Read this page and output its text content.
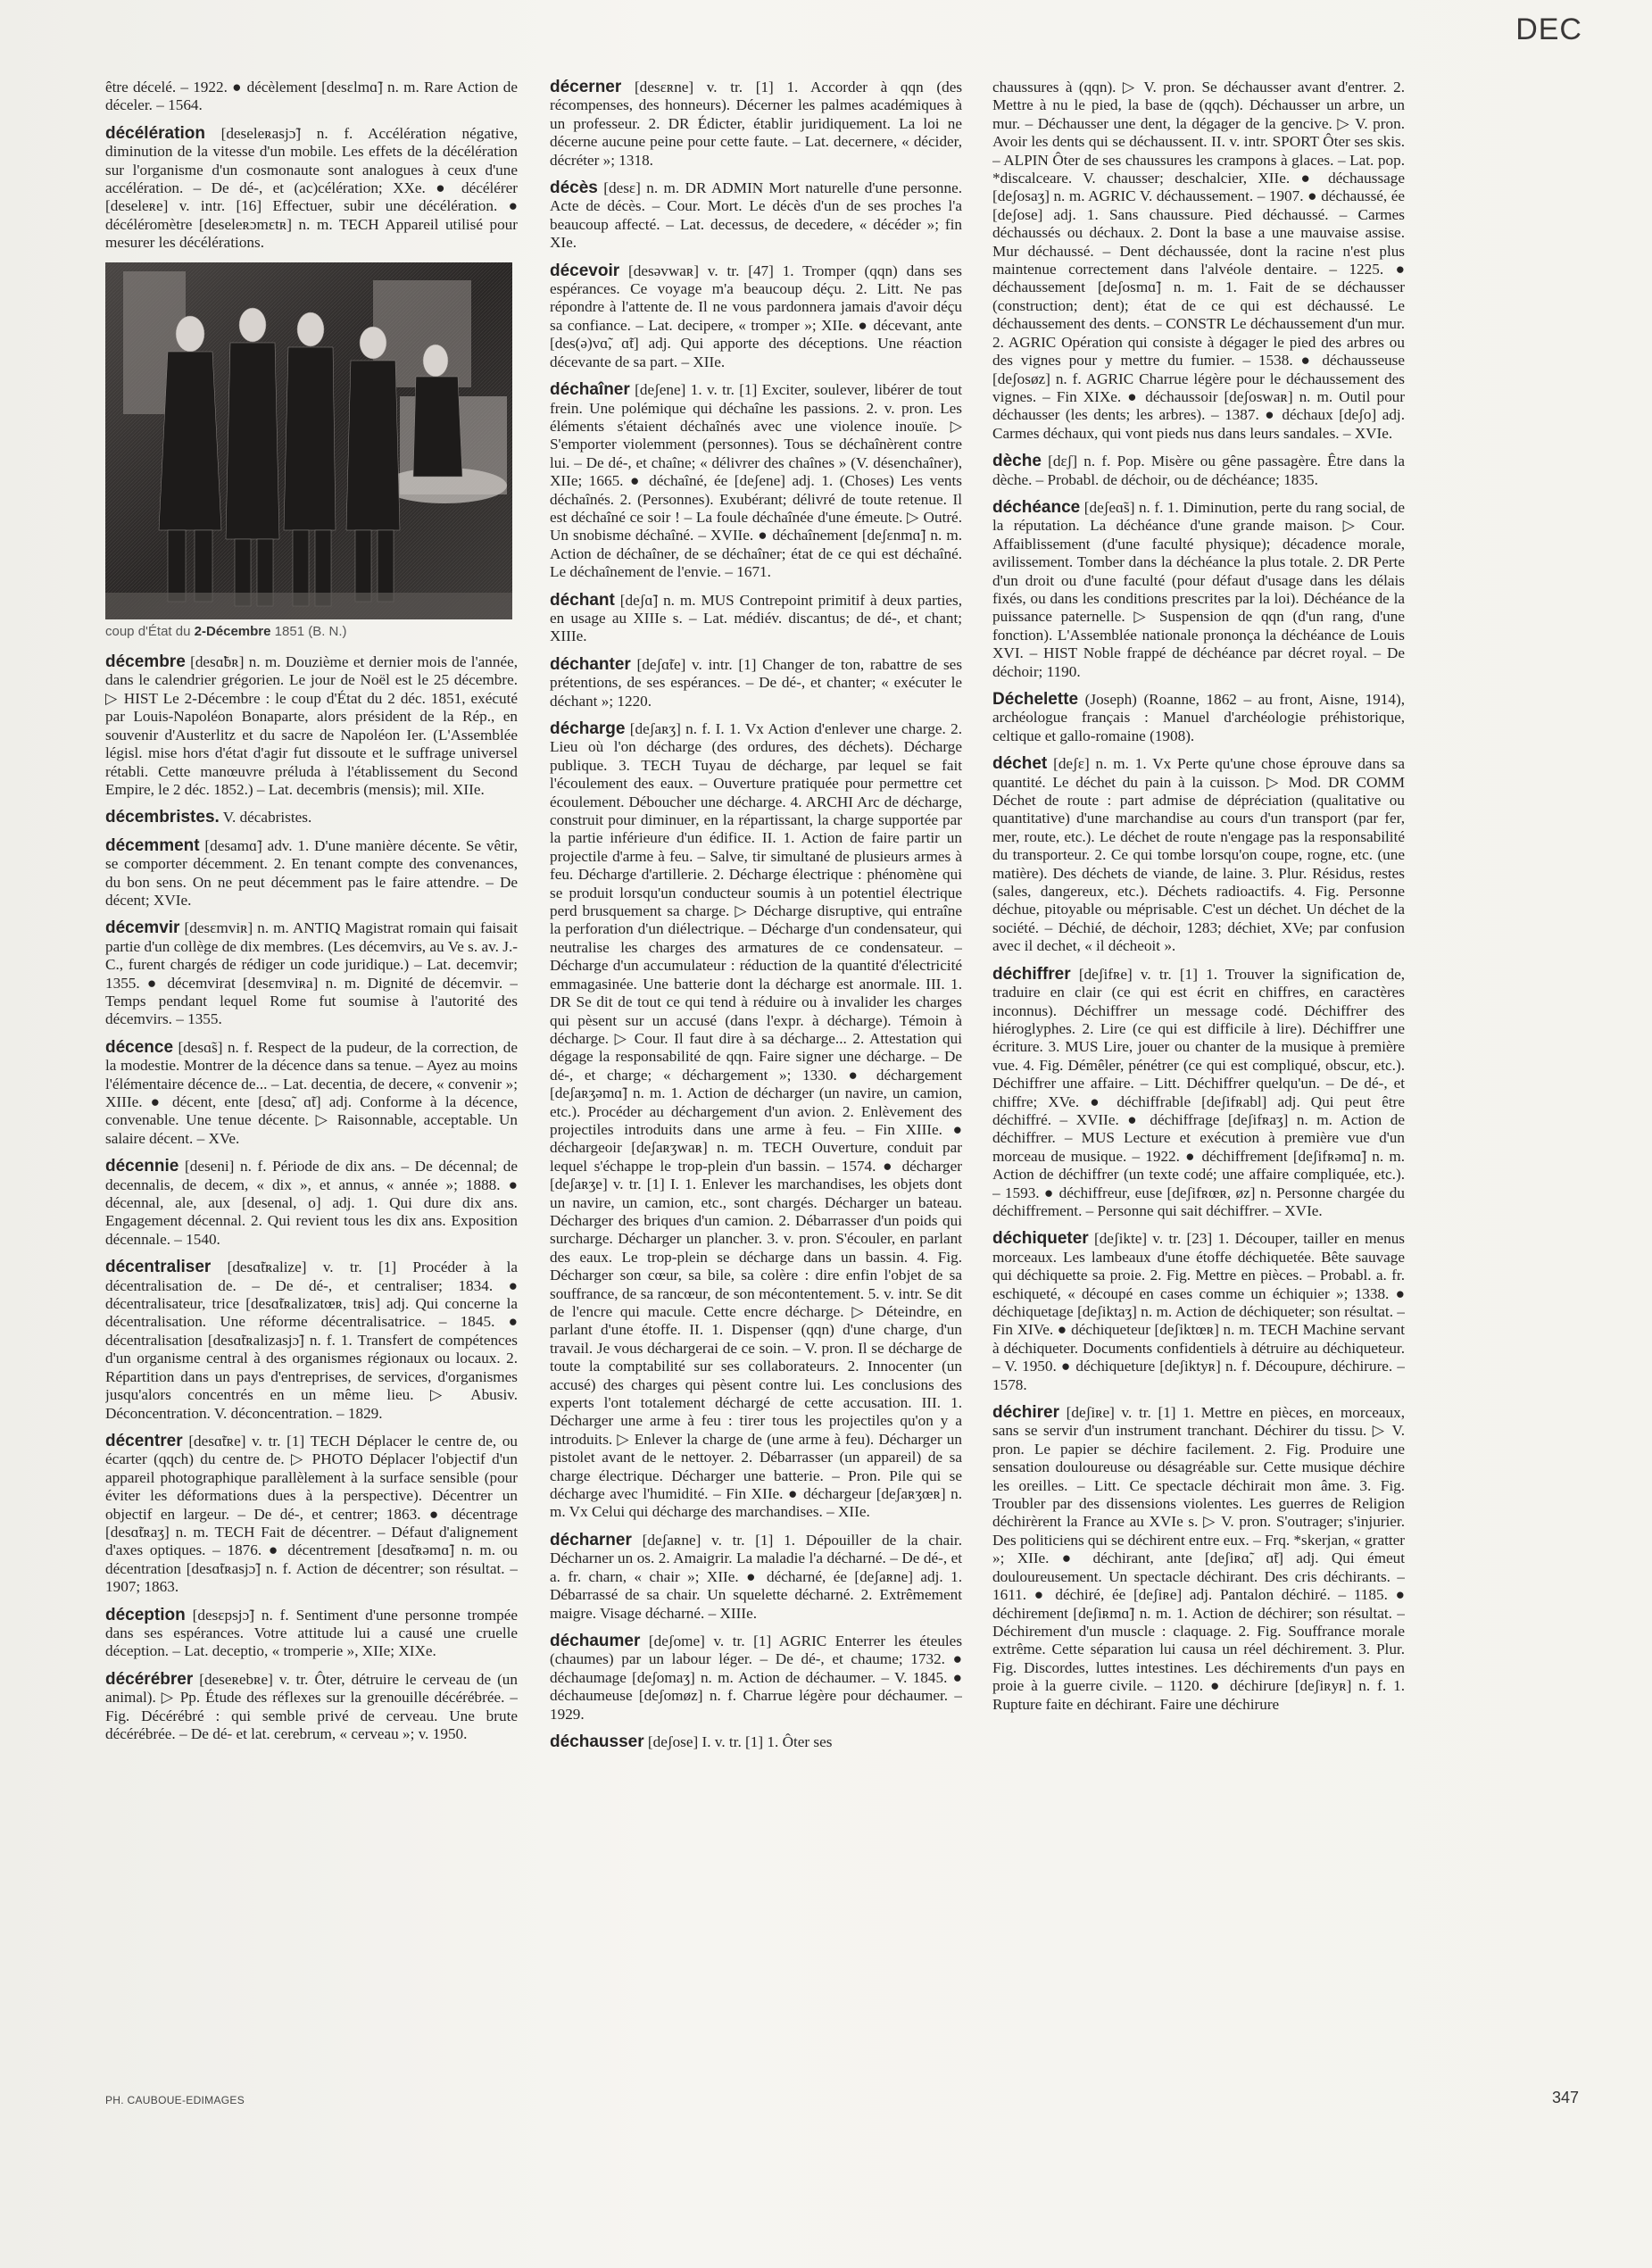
DEC

être décelé. – 1922. ● décèlement [desɛlmɑ̃] n. m. Rare Action de déceler. – 1564.

décélération [deseleʀasjɔ̃] n. f. Accélération négative, diminution de la vitesse d'un mobile. Les effets de la décélération sur l'organisme d'un cosmonaute sont analogues à ceux d'une accélération. – De dé-, et (ac)célération; XXe. ● décélérer [deseleʀe] v. intr. [16] Effectuer, subir une décélération. ● décéléromètre [deseleʀɔmɛtʀ] n. m. TECH Appareil utilisé pour mesurer les décélérations.

coup d'État du 2-Décembre 1851 (B. N.)

décembre [desɑ̃bʀ] n. m. Douzième et dernier mois de l'année, dans le calendrier grégorien. Le jour de Noël est le 25 décembre. ▷ HIST Le 2-Décembre : le coup d'État du 2 déc. 1851, exécuté par Louis-Napoléon Bonaparte, alors président de la Rép., en souvenir d'Austerlitz et du sacre de Napoléon Ier. (L'Assemblée législ. mise hors d'état d'agir fut dissoute et le suffrage universel rétabli. Cette manœuvre préluda à l'établissement du Second Empire, le 2 déc. 1852.) – Lat. decembris (mensis); mil. XIIe.

décembristes. V. décabristes.

décemment [desamɑ̃] adv. 1. D'une manière décente. Se vêtir, se comporter décemment. 2. En tenant compte des convenances, du bon sens. On ne peut décemment pas le faire attendre. – De décent; XVIe.

décemvir [desɛmviʀ] n. m. ANTIQ Magistrat romain qui faisait partie d'un collège de dix membres. (Les décemvirs, au Ve s. av. J.-C., furent chargés de rédiger un code juridique.) – Lat. decemvir; 1355. ● décemvirat [desɛmviʀa] n. m. Dignité de décemvir. – Temps pendant lequel Rome fut soumise à l'autorité des décemvirs. – 1355.

décence [desɑ̃s] n. f. Respect de la pudeur, de la correction, de la modestie. Montrer de la décence dans sa tenue. – Ayez au moins l'élémentaire décence de... – Lat. decentia, de decere, « convenir »; XIIIe. ● décent, ente [desɑ̃, ɑ̃t] adj. Conforme à la décence, convenable. Une tenue décente. ▷ Raisonnable, acceptable. Un salaire décent. – XVe.

décennie [deseni] n. f. Période de dix ans. – De décennal; de decennalis, de decem, « dix », et annus, « année »; 1888. ● décennal, ale, aux [desenal, o] adj. 1. Qui dure dix ans. Engagement décennal. 2. Qui revient tous les dix ans. Exposition décennale. – 1540.

décentraliser [desɑ̃tʀalize] v. tr. [1] Procéder à la décentralisation de. – De dé-, et centraliser; 1834. ● décentralisateur, trice [desɑ̃tʀalizatœʀ, tʀis] adj. Qui concerne la décentralisation. Une réforme décentralisatrice. – 1845. ● décentralisation [desɑ̃tʀalizasjɔ̃] n. f. 1. Transfert de compétences d'un organisme central à des organismes régionaux ou locaux. 2. Répartition dans un pays d'entreprises, de services, d'organismes jusqu'alors concentrés en un même lieu. ▷ Abusiv. Déconcentration. V. déconcentration. – 1829.

décentrer [desɑ̃tʀe] v. tr. [1] TECH Déplacer le centre de, ou écarter (qqch) du centre de. ▷ PHOTO Déplacer l'objectif d'un appareil photographique parallèlement à la surface sensible (pour éviter les déformations dues à la perspective). Décentrer un objectif en largeur. – De dé-, et centrer; 1863. ● décentrage [desɑ̃tʀaʒ] n. m. TECH Fait de décentrer. – Défaut d'alignement d'axes optiques. – 1876. ● décentrement [desɑ̃tʀəmɑ̃] n. m. ou décentration [desɑ̃tʀasjɔ̃] n. f. Action de décentrer; son résultat. – 1907; 1863.

déception [desɛpsjɔ̃] n. f. Sentiment d'une personne trompée dans ses espérances. Votre attitude lui a causé une cruelle déception. – Lat. deceptio, « tromperie », XIIe; XIXe.

décérébrer [deseʀebʀe] v. tr. Ôter, détruire le cerveau de (un animal). ▷ Pp. Étude des réflexes sur la grenouille décérébrée. – Fig. Décérébré : qui semble privé de cerveau. Une brute décérébrée. – De dé- et lat. cerebrum, « cerveau »; v. 1950.

décerner [desɛʀne] v. tr. [1] 1. Accorder à qqn (des récompenses, des honneurs). Décerner les palmes académiques à un professeur. 2. DR Édicter, établir juridiquement. La loi ne décerne aucune peine pour cette faute. – Lat. decernere, « décider, décréter »; 1318.

décès [desɛ] n. m. DR ADMIN Mort naturelle d'une personne. Acte de décès. – Cour. Mort. Le décès d'un de ses proches l'a beaucoup affecté. – Lat. decessus, de decedere, « décéder »; fin XIe.

décevoir [desəvwaʀ] v. tr. [47] 1. Tromper (qqn) dans ses espérances. Ce voyage m'a beaucoup déçu. 2. Litt. Ne pas répondre à l'attente de. Il ne vous pardonnera jamais d'avoir déçu sa confiance. – Lat. decipere, « tromper »; XIIe. ● décevant, ante [des(ə)vɑ̃, ɑ̃t] adj. Qui apporte des déceptions. Une réaction décevante de sa part. – XIIe.

déchaîner [deʃene] 1. v. tr. [1] Exciter, soulever, libérer de tout frein. Une polémique qui déchaîne les passions. 2. v. pron. Les éléments s'étaient déchaînés avec une violence inouïe. ▷ S'emporter violemment (personnes). Tous se déchaînèrent contre lui. – De dé-, et chaîne; « délivrer des chaînes » (V. désenchaîner), XIIe; 1665. ● déchaîné, ée [deʃene] adj. 1. (Choses) Les vents déchaînés. 2. (Personnes). Exubérant; délivré de toute retenue. Il est déchaîné ce soir ! – La foule déchaînée d'une émeute. ▷ Outré. Un snobisme déchaîné. – XVIIe. ● déchaînement [deʃɛnmɑ̃] n. m. Action de déchaîner, de se déchaîner; état de ce qui est déchaîné. Le déchaînement de l'envie. – 1671.

déchant [deʃɑ̃] n. m. MUS Contrepoint primitif à deux parties, en usage au XIIIe s. – Lat. médiév. discantus; de dé-, et chant; XIIIe.

déchanter [deʃɑ̃te] v. intr. [1] Changer de ton, rabattre de ses prétentions, de ses espérances. – De dé-, et chanter; « exécuter le déchant »; 1220.

décharge [deʃaʀʒ] n. f. I. 1. Vx Action d'enlever une charge. 2. Lieu où l'on décharge (des ordures, des déchets). Décharge publique. 3. TECH Tuyau de décharge, par lequel se fait l'écoulement des eaux. – Ouverture pratiquée pour permettre cet écoulement. Déboucher une décharge. 4. ARCHI Arc de décharge, construit pour diminuer, en la répartissant, la charge supportée par la partie inférieure d'un édifice. II. 1. Action de faire partir un projectile d'arme à feu. – Salve, tir simultané de plusieurs armes à feu. Décharge d'artillerie. 2. Décharge électrique : phénomène qui se produit lorsqu'un conducteur soumis à un potentiel électrique perd brusquement sa charge. ▷ Décharge disruptive, qui entraîne la perforation d'un diélectrique. – Décharge d'un condensateur, qui neutralise les charges des armatures de ce condensateur. – Décharge d'un accumulateur : réduction de la quantité d'électricité emmagasinée. Une batterie dont la décharge est anormale. III. 1. DR Se dit de tout ce qui tend à réduire ou à invalider les charges qui pèsent sur un accusé (dans l'expr. à décharge). Témoin à décharge. ▷ Cour. Il faut dire à sa décharge... 2. Attestation qui dégage la responsabilité de qqn. Faire signer une décharge. – De dé-, et charge; « déchargement »; 1330. ● déchargement [deʃaʀʒəmɑ̃] n. m. 1. Action de décharger (un navire, un camion, etc.). Procéder au déchargement d'un avion. 2. Enlèvement des projectiles introduits dans une arme à feu. – Fin XIIIe. ● déchargeoir [deʃaʀʒwaʀ] n. m. TECH Ouverture, conduit par lequel s'échappe le trop-plein d'un bassin. – 1574. ● décharger [deʃaʀʒe] v. tr. [1] I. 1. Enlever les marchandises, les objets dont un navire, un camion, etc., sont chargés. Décharger un bateau. Décharger des briques d'un camion. 2. Débarrasser d'un poids qui surcharge. Décharger un plancher. 3. v. pron. S'écouler, en parlant des eaux. Le trop-plein se décharge dans un bassin. 4. Fig. Décharger son cœur, sa bile, sa colère : dire enfin l'objet de sa souffrance, de sa rancœur, de son mécontentement. 5. v. intr. Se dit de l'encre qui macule. Cette encre décharge. ▷ Déteindre, en parlant d'une étoffe. II. 1. Dispenser (qqn) d'une charge, d'un travail. Je vous déchargerai de ce soin. – V. pron. Il se décharge de toute la comptabilité sur ses collaborateurs. 2. Innocenter (un accusé) des charges qui pèsent contre lui. Les conclusions des experts l'ont totalement déchargé de cette accusation. III. 1. Décharger une arme à feu : tirer tous les projectiles qu'on y a introduits. ▷ Enlever la charge de (une arme à feu). Décharger un pistolet avant de le nettoyer. 2. Débarrasser (un appareil) de sa charge électrique. Décharger une batterie. – Pron. Pile qui se décharge avec l'humidité. – Fin XIIe. ● déchargeur [deʃaʀʒœʀ] n. m. Vx Celui qui décharge des marchandises. – XIIe.

décharner [deʃaʀne] v. tr. [1] 1. Dépouiller de la chair. Décharner un os. 2. Amaigrir. La maladie l'a décharné. – De dé-, et a. fr. charn, « chair »; XIIe. ● décharné, ée [deʃaʀne] adj. 1. Débarrassé de sa chair. Un squelette décharné. 2. Extrêmement maigre. Visage décharné. – XIIIe.

déchaumer [deʃome] v. tr. [1] AGRIC Enterrer les éteules (chaumes) par un labour léger. – De dé-, et chaume; 1732. ● déchaumage [deʃomaʒ] n. m. Action de déchaumer. – V. 1845. ● déchaumeuse [deʃomøz] n. f. Charrue légère pour déchaumer. – 1929.

déchausser [deʃose] I. v. tr. [1] 1. Ôter ses

chaussures à (qqn). ▷ V. pron. Se déchausser avant d'entrer. 2. Mettre à nu le pied, la base de (qqch). Déchausser un arbre, un mur. – Déchausser une dent, la dégager de la gencive. ▷ V. pron. Avoir les dents qui se déchaussent. II. v. intr. SPORT Ôter ses skis. – ALPIN Ôter de ses chaussures les crampons à glaces. – Lat. pop. *discalceare. V. chausser; deschalcier, XIIe. ● déchaussage [deʃosaʒ] n. m. AGRIC V. déchaussement. – 1907. ● déchaussé, ée [deʃose] adj. 1. Sans chaussure. Pied déchaussé. – Carmes déchaussés ou déchaux. 2. Dont la base a une mauvaise assise. Mur déchaussé. – Dent déchaussée, dont la racine n'est plus maintenue correctement dans l'alvéole dentaire. – 1225. ● déchaussement [deʃosmɑ̃] n. m. 1. Fait de se déchausser (construction; dent); état de ce qui est déchaussé. Le déchaussement des dents. – CONSTR Le déchaussement d'un mur. 2. AGRIC Opération qui consiste à dégager le pied des arbres ou des vignes pour y mettre du fumier. – 1538. ● déchausseuse [deʃosøz] n. f. AGRIC Charrue légère pour le déchaussement des vignes. – Fin XIXe. ● déchaussoir [deʃoswaʀ] n. m. Outil pour déchausser (les dents; les arbres). – 1387. ● déchaux [deʃo] adj. Carmes déchaux, qui vont pieds nus dans leurs sandales. – XVIe.

dèche [dɛʃ] n. f. Pop. Misère ou gêne passagère. Être dans la dèche. – Probabl. de déchoir, ou de déchéance; 1835.

déchéance [deʃeɑ̃s] n. f. 1. Diminution, perte du rang social, de la réputation. La déchéance d'une grande maison. ▷ Cour. Affaiblissement (d'une faculté physique); décadence morale, avilissement. Tomber dans la déchéance la plus totale. 2. DR Perte d'un droit ou d'une faculté (pour défaut d'usage dans les délais fixés, ou dans les conditions prescrites par la loi). Déchéance de la puissance paternelle. ▷ Suspension de qqn (d'un rang, d'une fonction). L'Assemblée nationale prononça la déchéance de Louis XVI. – HIST Noble frappé de déchéance par décret royal. – De déchoir; 1190.

Déchelette (Joseph) (Roanne, 1862 – au front, Aisne, 1914), archéologue français : Manuel d'archéologie préhistorique, celtique et gallo-romaine (1908).

déchet [deʃɛ] n. m. 1. Vx Perte qu'une chose éprouve dans sa quantité. Le déchet du pain à la cuisson. ▷ Mod. DR COMM Déchet de route : part admise de dépréciation (qualitative ou quantitative) d'une marchandise au cours d'un transport (par fer, mer, route, etc.). Le déchet de route n'engage pas la responsabilité du transporteur. 2. Ce qui tombe lorsqu'on coupe, rogne, etc. (une matière). Des déchets de viande, de laine. 3. Plur. Résidus, restes (sales, dangereux, etc.). Déchets radioactifs. 4. Fig. Personne déchue, pitoyable ou méprisable. C'est un déchet. Un déchet de la société. – Déchié, de déchoir, 1283; déchiet, XVe; par confusion avec il dechet, « il décheoit ».

déchiffrer [deʃifʀe] v. tr. [1] 1. Trouver la signification de, traduire en clair (ce qui est écrit en chiffres, en caractères inconnus). Déchiffrer un message codé. Déchiffrer des hiéroglyphes. 2. Lire (ce qui est difficile à lire). Déchiffrer une écriture. 3. MUS Lire, jouer ou chanter de la musique à première vue. 4. Fig. Démêler, pénétrer (ce qui est compliqué, obscur, etc.). Déchiffrer une affaire. – Litt. Déchiffrer quelqu'un. – De dé-, et chiffre; XVe. ● déchiffrable [deʃifʀabl] adj. Qui peut être déchiffré. – XVIIe. ● déchiffrage [deʃifʀaʒ] n. m. Action de déchiffrer. – MUS Lecture et exécution à première vue d'un morceau de musique. – 1922. ● déchiffrement [deʃifʀəmɑ̃] n. m. Action de déchiffrer (un texte codé; une affaire compliquée, etc.). – 1593. ● déchiffreur, euse [deʃifʀœʀ, øz] n. Personne chargée du déchiffrement. – Personne qui sait déchiffrer. – XVIe.

déchiqueter [deʃikte] v. tr. [23] 1. Découper, tailler en menus morceaux. Les lambeaux d'une étoffe déchiquetée. Bête sauvage qui déchiquette sa proie. 2. Fig. Mettre en pièces. – Probabl. a. fr. eschiqueté, « découpé en cases comme un échiquier »; 1338. ● déchiquetage [deʃiktaʒ] n. m. Action de déchiqueter; son résultat. – Fin XIVe. ● déchiqueteur [deʃiktœʀ] n. m. TECH Machine servant à déchiqueter. Documents confidentiels à détruire au déchiqueteur. – V. 1950. ● déchiqueture [deʃiktyʀ] n. f. Découpure, déchirure. – 1578.

déchirer [deʃiʀe] v. tr. [1] 1. Mettre en pièces, en morceaux, sans se servir d'un instrument tranchant. Déchirer du tissu. ▷ V. pron. Le papier se déchire facilement. 2. Fig. Produire une sensation douloureuse ou désagréable sur. Cette musique déchire les oreilles. – Litt. Ce spectacle déchirait mon âme. 3. Fig. Troubler par des dissensions violentes. Les guerres de Religion déchirèrent la France au XVIe s. ▷ V. pron. S'outrager; s'injurier. Des politiciens qui se déchirent entre eux. – Frq. *skerjan, « gratter »; XIIe. ● déchirant, ante [deʃiʀɑ̃, ɑ̃t] adj. Qui émeut douloureusement. Un spectacle déchirant. Des cris déchirants. – 1611. ● déchiré, ée [deʃiʀe] adj. Pantalon déchiré. – 1185. ● déchirement [deʃiʀmɑ̃] n. m. 1. Action de déchirer; son résultat. – Déchirement d'un muscle : claquage. 2. Fig. Souffrance morale extrême. Cette séparation lui causa un réel déchirement. 3. Plur. Fig. Discordes, luttes intestines. Les déchirements d'un pays en proie à la guerre civile. – 1120. ● déchirure [deʃiʀyʀ] n. f. 1. Rupture faite en déchirant. Faire une déchirure

PH. CAUBOUE-EDIMAGES	347
